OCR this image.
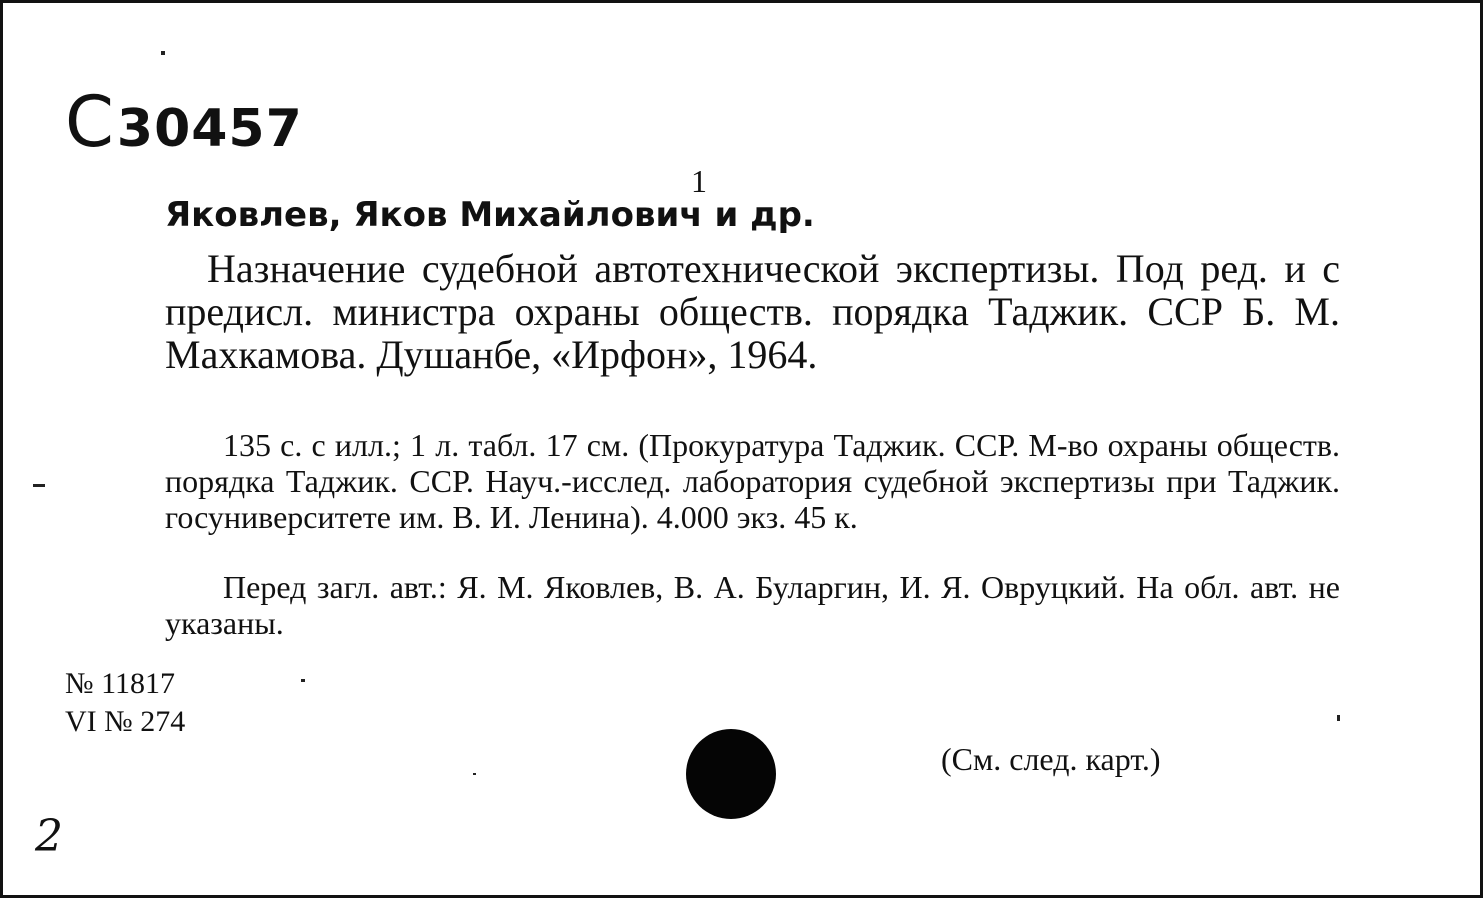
С30457
1
Яковлев, Яков Михайлович и др.
Назначение судебной автотехнической экспертизы. Под ред. и с предисл. министра охраны обществ. порядка Таджик. ССР Б. М. Махкамова. Душанбе, «Ирфон», 1964.
135 с. с илл.; 1 л. табл. 17 см. (Прокуратура Таджик. ССР. М-во охраны обществ. порядка Таджик. ССР. Науч.-исслед. лаборатория судебной экспертизы при Таджик. госуниверситете им. В. И. Ленина). 4.000 экз. 45 к.
Перед загл. авт.: Я. М. Яковлев, В. А. Буларгин, И. Я. Овруцкий. На обл. авт. не указаны.
№ 11817
VI № 274
(См. след. карт.)
2
